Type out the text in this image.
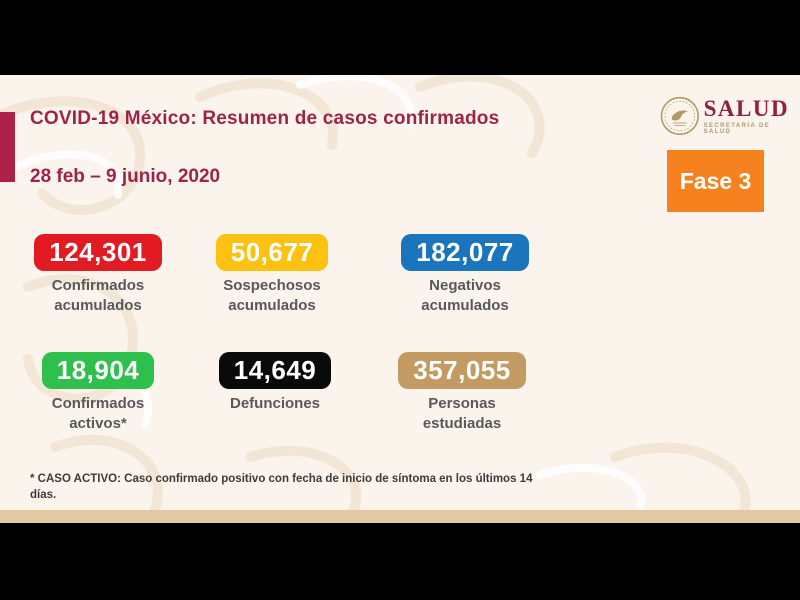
COVID-19 México: Resumen de casos confirmados
28 feb – 9 junio, 2020
SALUD
SECRETARÍA DE SALUD
Fase 3
124,301
Confirmados
acumulados
50,677
Sospechosos
acumulados
182,077
Negativos
acumulados
18,904
Confirmados
activos*
14,649
Defunciones
357,055
Personas
estudiadas
* CASO ACTIVO: Caso confirmado positivo con fecha de inicio de síntoma en los últimos 14 días.
